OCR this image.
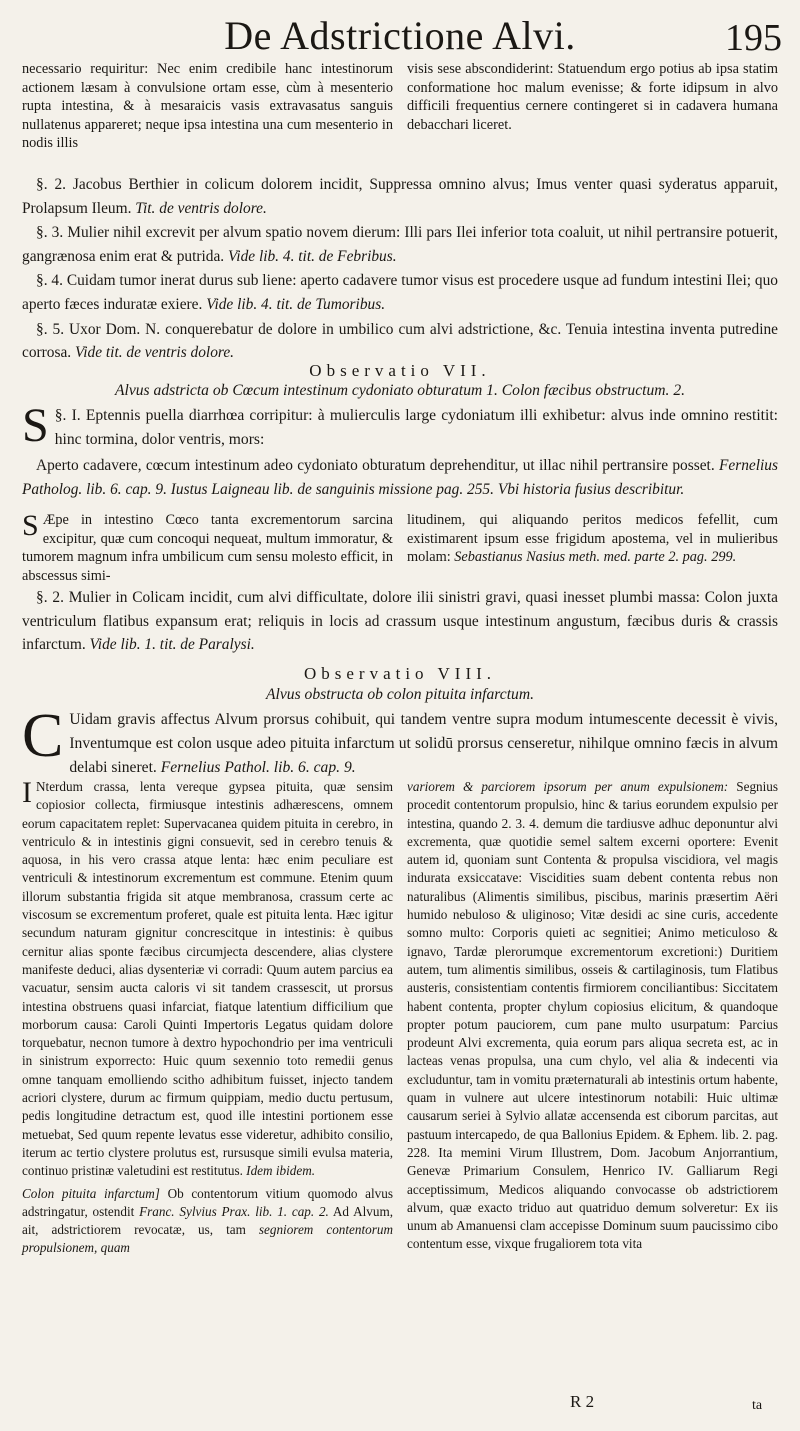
De Adstrictione Alvi.	195

necessario requiritur: Nec enim credibile hanc intestinorum actionem læsam à convulsione ortam esse, cùm à mesenterio rupta intestina, & à mesaraicis vasis extravasatus sanguis nullatenus appareret; neque ipsa intestina una cum mesenterio in nodis illis

visis sese abscondiderint: Statuendum ergo potius ab ipsa statim conformatione hoc malum evenisse; & forte idipsum in alvo difficili frequentius cernere contingeret si in cadavera humana debacchari liceret.

§. 2. Jacobus Berthier in colicum dolorem incidit, Suppressa omnino alvus; Imus venter quasi syderatus apparuit, Prolapsum Ileum. Tit. de ventris dolore.

§. 3. Mulier nihil excrevit per alvum spatio novem dierum: Illi pars Ilei inferior tota coaluit, ut nihil pertransire potuerit, gangrænosa enim erat & putrida. Vide lib. 4. tit. de Febribus.

§. 4. Cuidam tumor inerat durus sub liene: aperto cadavere tumor visus est procedere usque ad fundum intestini Ilei; quo aperto fæces induratæ exiere. Vide lib. 4. tit. de Tumoribus.

§. 5. Uxor Dom. N. conquerebatur de dolore in umbilico cum alvi adstrictione, &c. Tenuia intestina inventa putredine corrosa. Vide tit. de ventris dolore.

Observatio VII.
Alvus adstricta ob Cœcum intestinum cydoniato obturatum 1. Colon fæcibus obstructum. 2.
§. I.
S Eptennis puella diarrhœa corripitur: à mulierculis large cydoniatum illi exhibetur: alvus inde omnino restitit: hinc tormina, dolor ventris, mors:

Aperto cadavere, cœcum intestinum adeo cydoniato obturatum deprehenditur, ut illac nihil pertransire posset. Fernelius Patholog. lib. 6. cap. 9. Iustus Laigneau lib. de sanguinis missione pag. 255. Vbi historia fusius describitur.

S Æpe in intestino Cœco tanta excrementorum sarcina excipitur, quæ cum concoqui nequeat, multum immoratur, & tumorem magnum infra umbilicum cum sensu molesto efficit, in abscessus simi-

litudinem, qui aliquando peritos medicos fefellit, cum existimarent ipsum esse frigidum apostema, vel in mulieribus molam: Sebastianus Nasius meth. med. parte 2. pag. 299.

§. 2. Mulier in Colicam incidit, cum alvi difficultate, dolore ilii sinistri gravi, quasi inesset plumbi massa: Colon juxta ventriculum flatibus expansum erat; reliquis in locis ad crassum usque intestinum angustum, fæcibus duris & crassis infarctum. Vide lib. 1. tit. de Paralysi.

Observatio VIII.
Alvus obstructa ob colon pituita infarctum.
C Uidam gravis affectus Alvum prorsus cohibuit, qui tandem ventre supra modum intumescente decessit è vivis, Inventumque est colon usque adeo pituita infarctum ut solidū prorsus censeretur, nihilque omnino fæcis in alvum delabi sineret. Fernelius Pathol. lib. 6. cap. 9.

I Nterdum crassa, lenta vereque gypsea pituita, quæ sensim copiosior collecta, firmiusque intestinis adhærescens, omnem eorum capacitatem replet: Supervacanea quidem pituita in cerebro, in ventriculo & in intestinis gigni consuevit, sed in cerebro tenuis & aquosa, in his vero crassa atque lenta: hæc enim peculiare est ventriculi & intestinorum excrementum est commune. Etenim quum illorum substantia frigida sit atque membranosa, crassum certe ac viscosum se excrementum proferet, quale est pituita lenta. Hæc igitur secundum naturam gignitur concrescitque in intestinis: è quibus cernitur alias sponte fæcibus circumjecta descendere, alias clystere manifeste deduci, alias dysenteriæ vi corradi: Quum autem parcius ea vacuatur, sensim aucta caloris vi sit tandem crassescit, ut prorsus intestina obstruens quasi infarciat, fiatque latentium difficilium que morborum causa: Caroli Quinti Impertoris Legatus quidam dolore torquebatur, necnon tumore à dextro hypochondrio per ima ventriculi in sinistrum exporrecto: Huic quum sexennio toto remedii genus omne tanquam emolliendo scitho adhibitum fuisset, injecto tandem acriori clystere, durum ac firmum quippiam, medio ductu pertusum, pedis longitudine detractum est, quod ille intestini portionem esse metuebat, Sed quum repente levatus esse videretur, adhibito consilio, iterum ac tertio clystere prolutus est, rursusque simili evulsa materia, continuo pristinæ valetudini est restitutus. Idem ibidem.

Colon pituita infarctum] Ob contentorum vitium quomodo alvus adstringatur, ostendit Franc. Sylvius Prax. lib. 1. cap. 2. Ad Alvum, ait, adstrictiorem revocatæ, us, tam segniorem contentorum propulsionem, quam

variorem & parciorem ipsorum per anum expulsionem: Segnius procedit contentorum propulsio, hinc & tarius eorundem expulsio per intestina, quando 2. 3. 4. demum die tardiusve adhuc deponuntur alvi excrementa, quæ quotidie semel saltem excerni oportere: Evenit autem id, quoniam sunt Contenta & propulsa viscidiora, vel magis indurata exsiccatave: Viscidities suam debent contenta rebus non naturalibus (Alimentis similibus, piscibus, marinis præsertim Aëri humido nebuloso & uliginoso; Vitæ desidi ac sine curis, accedente somno multo: Corporis quieti ac segnitiei; Animo meticuloso & ignavo, Tardæ plerorumque excrementorum excretioni:) Duritiem autem, tum alimentis similibus, osseis & cartilaginosis, tum Flatibus austeris, consistentiam contentis firmiorem conciliantibus: Siccitatem habent contenta, propter chylum copiosius elicitum, & quandoque propter potum pauciorem, cum pane multo usurpatum: Parcius prodeunt Alvi excrementa, quia eorum pars aliqua secreta est, ac in lacteas venas propulsa, una cum chylo, vel alia & indecenti via excluduntur, tam in vomitu præternaturali ab intestinis ortum habente, quam in vulnere aut ulcere intestinorum notabili: Huic ultimæ causarum seriei à Sylvio allatæ accensenda est ciborum parcitas, aut pastuum intercapedo, de qua Ballonius Epidem. & Ephem. lib. 2. pag. 228. Ita memini Virum Illustrem, Dom. Jacobum Anjorrantium, Genevæ Primarium Consulem, Henrico IV. Galliarum Regi acceptissimum, Medicos aliquando convocasse ob adstrictiorem alvum, quæ exacto triduo aut quatriduo demum solveretur: Ex iis unum ab Amanuensi clam accepisse Dominum suum paucissimo cibo contentum esse, vixque frugaliorem tota vita

R 2	ta
